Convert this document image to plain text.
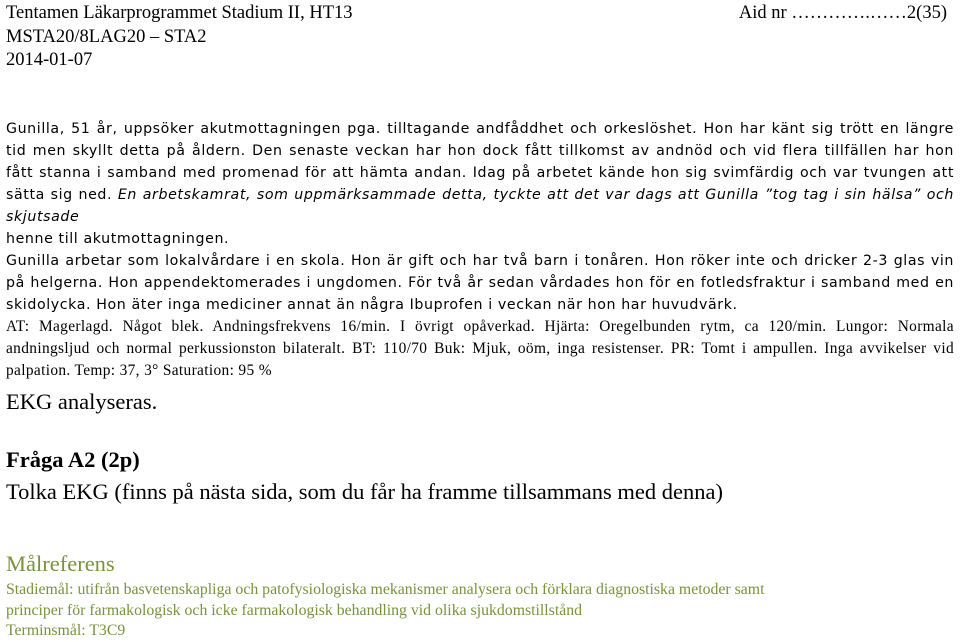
Tentamen Läkarprogrammet Stadium II, HT13
MSTA20/8LAG20 – STA2
2014-01-07
Aid nr ………….……2(35)

Gunilla, 51 år, uppsöker akutmottagningen pga. tilltagande andfåddhet och orkeslöshet. Hon har känt sig trött en längre tid men skyllt detta på åldern. Den senaste veckan har hon dock fått tillkomst av andnöd och vid flera tillfällen har hon fått stanna i samband med promenad för att hämta andan. Idag på arbetet kände hon sig svimfärdig och var tvungen att sätta sig ned. En arbetskamrat, som uppmärksammade detta, tyckte att det var dags att Gunilla ”tog tag i sin hälsa” och skjutsade
henne till akutmottagningen.

Gunilla arbetar som lokalvårdare i en skola. Hon är gift och har två barn i tonåren. Hon röker inte och dricker 2-3 glas vin på helgerna. Hon appendektomerades i ungdomen. För två år sedan vårdades hon för en fotledsfraktur i samband med en skidolycka. Hon äter inga mediciner annat än några Ibuprofen i veckan när hon har huvudvärk.

AT: Magerlagd. Något blek. Andningsfrekvens 16/min. I övrigt opåverkad. Hjärta: Oregelbunden rytm, ca 120/min. Lungor: Normala andningsljud och normal perkussionston bilateralt. BT: 110/70 Buk: Mjuk, oöm, inga resistenser. PR: Tomt i ampullen. Inga avvikelser vid palpation. Temp: 37, 3° Saturation: 95 %

EKG analyseras.
Fråga A2 (2p)
Tolka EKG (finns på nästa sida, som du får ha framme tillsammans med denna)
Målreferens

Stadiemål: utifrån basvetenskapliga och patofysiologiska mekanismer analysera och förklara diagnostiska metoder samt

principer för farmakologisk och icke farmakologisk behandling vid olika sjukdomstillstånd

Terminsmål: T3C9
